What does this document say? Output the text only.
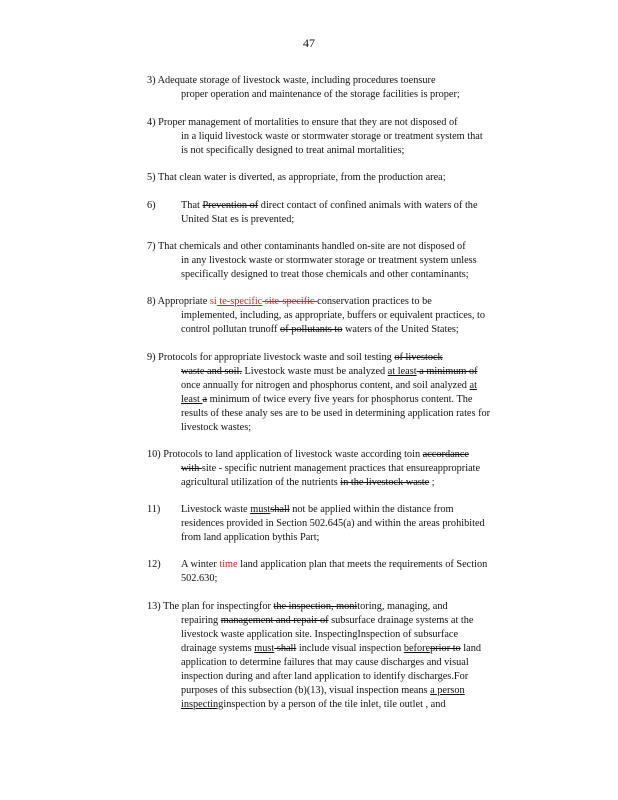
47
3) Adequate storage of livestock waste, including procedures toensure
proper operation and maintenance of the storage facilities is proper;
4) Proper management of mortalities to ensure that they are not disposed of
in a liquid livestock waste or stormwater storage or treatment system that
is not specifically designed to treat animal mortalities;
5) That clean water is diverted, as appropriate, from the production area;
6) That Prevention of direct contact of confined animals with waters of the
United Stat es is prevented;
7) That chemicals and other contaminants handled on-site are not disposed of
in any livestock waste or stormwater storage or treatment system unless
specifically designed to treat those chemicals and other contaminants;
8) Appropriate si te-specific site-specific conservation practices to be
implemented, including, as appropriate, buffers or equivalent practices, to
control pollutan trunoff of pollutants to waters of the United States;
9) Protocols for appropriate livestock waste and soil testing of livestock
waste and soil. Livestock waste must be analyzed at least a minimum of
once annually for nitrogen and phosphorus content, and soil analyzed at
least a minimum of twice every five years for phosphorus content. The
results of these analy ses are to be used in determining application rates for
livestock wastes;
10) Protocols to land application of livestock waste according toin accordance
with site - specific nutrient management practices that ensureappropriate
agricultural utilization of the nutrients in the livestock waste ;
11) Livestock waste mustshall not be applied within the distance from
residences provided in Section 502.645(a) and within the areas prohibited
from land application bythis Part;
12) A winter time land application plan that meets the requirements of Section
502.630;
13) The plan for inspectingfor the inspection, monitoring, managing, and
repairing management and repair of subsurface drainage systems at the
livestock waste application site. InspectingInspection of subsurface
drainage systems must shall include visual inspection beforeprior to land
application to determine failures that may cause discharges and visual
inspection during and after land application to identify discharges.For
purposes of this subsection (b)(13), visual inspection means a person
inspectinginspection by a person of the tile inlet, tile outlet , and
